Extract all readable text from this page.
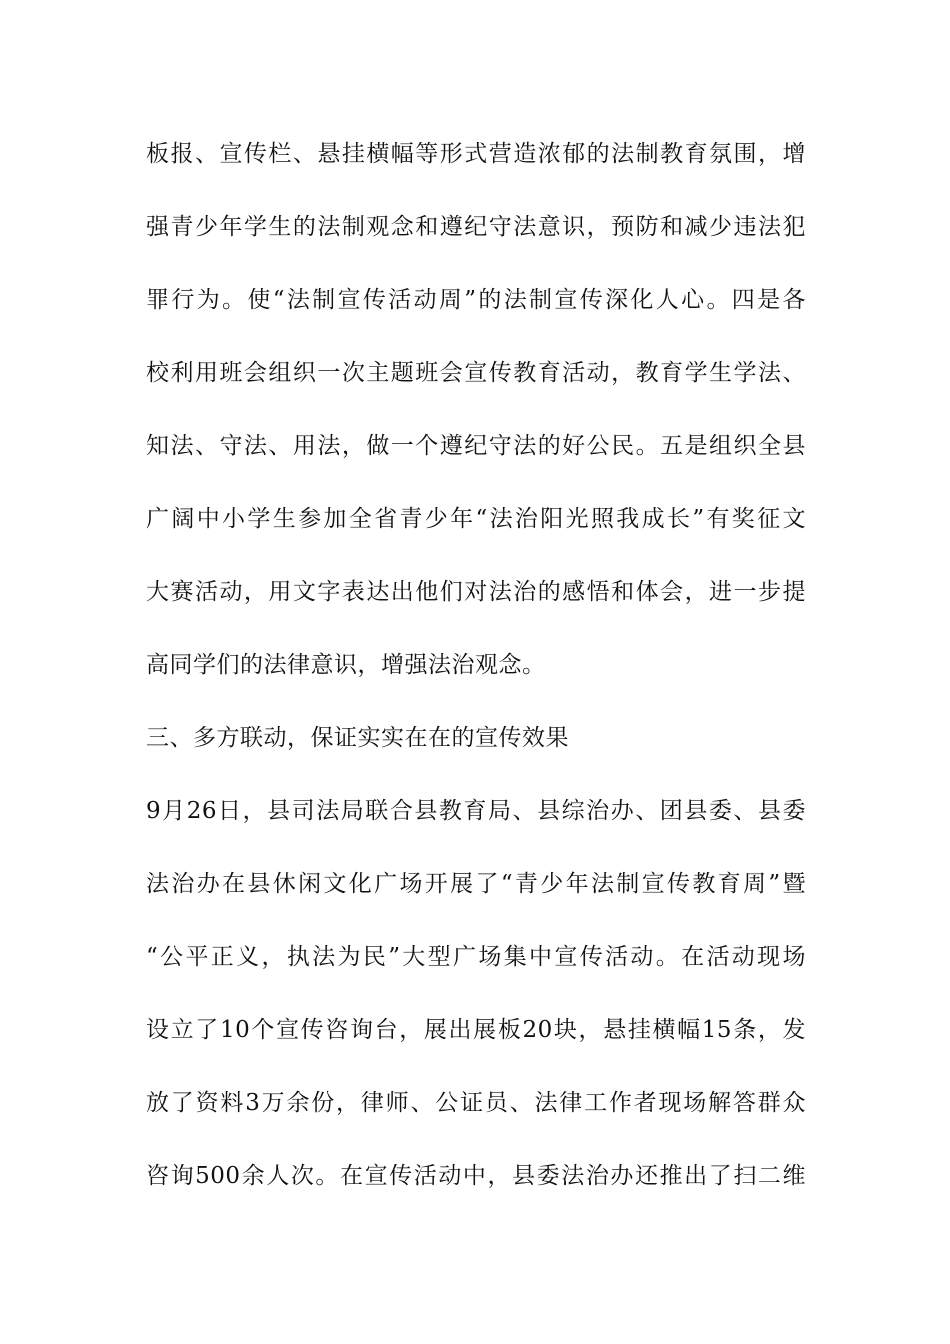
板报、宣传栏、悬挂横幅等形式营造浓郁的法制教育氛围，增
强青少年学生的法制观念和遵纪守法意识，预防和减少违法犯
罪行为。使“法制宣传活动周”的法制宣传深化人心。四是各
校利用班会组织一次主题班会宣传教育活动，教育学生学法、
知法、守法、用法，做一个遵纪守法的好公民。五是组织全县
广阔中小学生参加全省青少年“法治阳光照我成长”有奖征文
大赛活动，用文字表达出他们对法治的感悟和体会，进一步提
高同学们的法律意识，增强法治观念。
三、多方联动，保证实实在在的宣传效果
9月26日，县司法局联合县教育局、县综治办、团县委、县委
法治办在县休闲文化广场开展了“青少年法制宣传教育周”暨
“公平正义，执法为民”大型广场集中宣传活动。在活动现场
设立了10个宣传咨询台，展出展板20块，悬挂横幅15条，发
放了资料3万余份，律师、公证员、法律工作者现场解答群众
咨询500余人次。在宣传活动中，县委法治办还推出了扫二维
